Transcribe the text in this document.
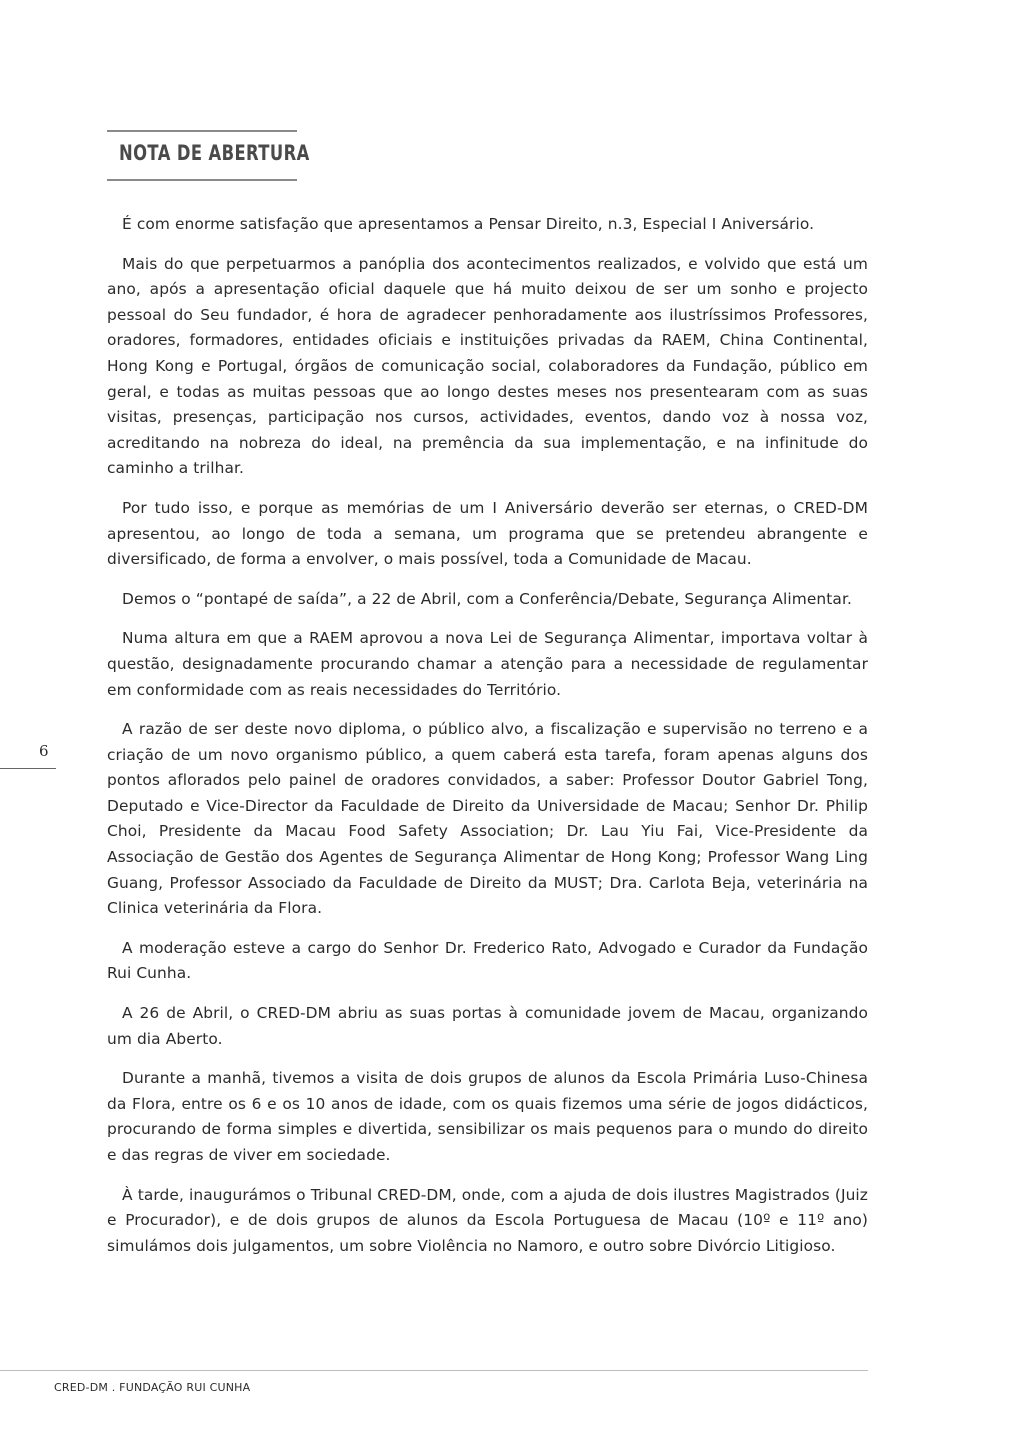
NOTA DE ABERTURA

É com enorme satisfação que apresentamos a Pensar Direito, n.3, Especial I Aniversário.

Mais do que perpetuarmos a panóplia dos acontecimentos realizados, e volvido que está um ano, após a apresentação oficial daquele que há muito deixou de ser um sonho e projecto pessoal do Seu fundador, é hora de agradecer penhoradamente aos ilustríssimos Professores, oradores, formadores, entidades oficiais e instituições privadas da RAEM, China Continental, Hong Kong e Portugal, órgãos de comunicação social, colaboradores da Fundação, público em geral, e todas as muitas pessoas que ao longo destes meses nos presentearam com as suas visitas, presenças, participação nos cursos, actividades, eventos, dando voz à nossa voz, acreditando na nobreza do ideal, na premência da sua implementação, e na infinitude do caminho a trilhar.

Por tudo isso, e porque as memórias de um I Aniversário deverão ser eternas, o CRED-DM apresentou, ao longo de toda a semana, um programa que se pretendeu abrangente e diversificado, de forma a envolver, o mais possível, toda a Comunidade de Macau.

Demos o “pontapé de saída”, a 22 de Abril, com a Conferência/Debate, Segurança Alimentar.

Numa altura em que a RAEM aprovou a nova Lei de Segurança Alimentar, importava voltar à questão, designadamente procurando chamar a atenção para a necessidade de regulamentar em conformidade com as reais necessidades do Território.

A razão de ser deste novo diploma, o público alvo, a fiscalização e supervisão no terreno e a criação de um novo organismo público, a quem caberá esta tarefa, foram apenas alguns dos pontos aflorados pelo painel de oradores convidados, a saber: Professor Doutor Gabriel Tong, Deputado e Vice-Director da Faculdade de Direito da Universidade de Macau; Senhor Dr. Philip Choi, Presidente da Macau Food Safety Association; Dr. Lau Yiu Fai, Vice-Presidente da Associação de Gestão dos Agentes de Segurança Alimentar de Hong Kong; Professor Wang Ling Guang, Professor Associado da Faculdade de Direito da MUST; Dra. Carlota Beja, veterinária na Clinica veterinária da Flora.

A moderação esteve a cargo do Senhor Dr. Frederico Rato, Advogado e Curador da Fundação Rui Cunha.

A 26 de Abril, o CRED-DM abriu as suas portas à comunidade jovem de Macau, organizando um dia Aberto.

Durante a manhã, tivemos a visita de dois grupos de alunos da Escola Primária Luso-Chinesa da Flora, entre os 6 e os 10 anos de idade, com os quais fizemos uma série de jogos didácticos, procurando de forma simples e divertida, sensibilizar os mais pequenos para o mundo do direito e das regras de viver em sociedade.

À tarde, inaugurámos o Tribunal CRED-DM, onde, com a ajuda de dois ilustres Magistrados (Juiz e Procurador), e de dois grupos de alunos da Escola Portuguesa de Macau (10º e 11º ano) simulámos dois julgamentos, um sobre Violência no Namoro, e outro sobre Divórcio Litigioso.

6
CRED-DM . FUNDAÇÃO RUI CUNHA
